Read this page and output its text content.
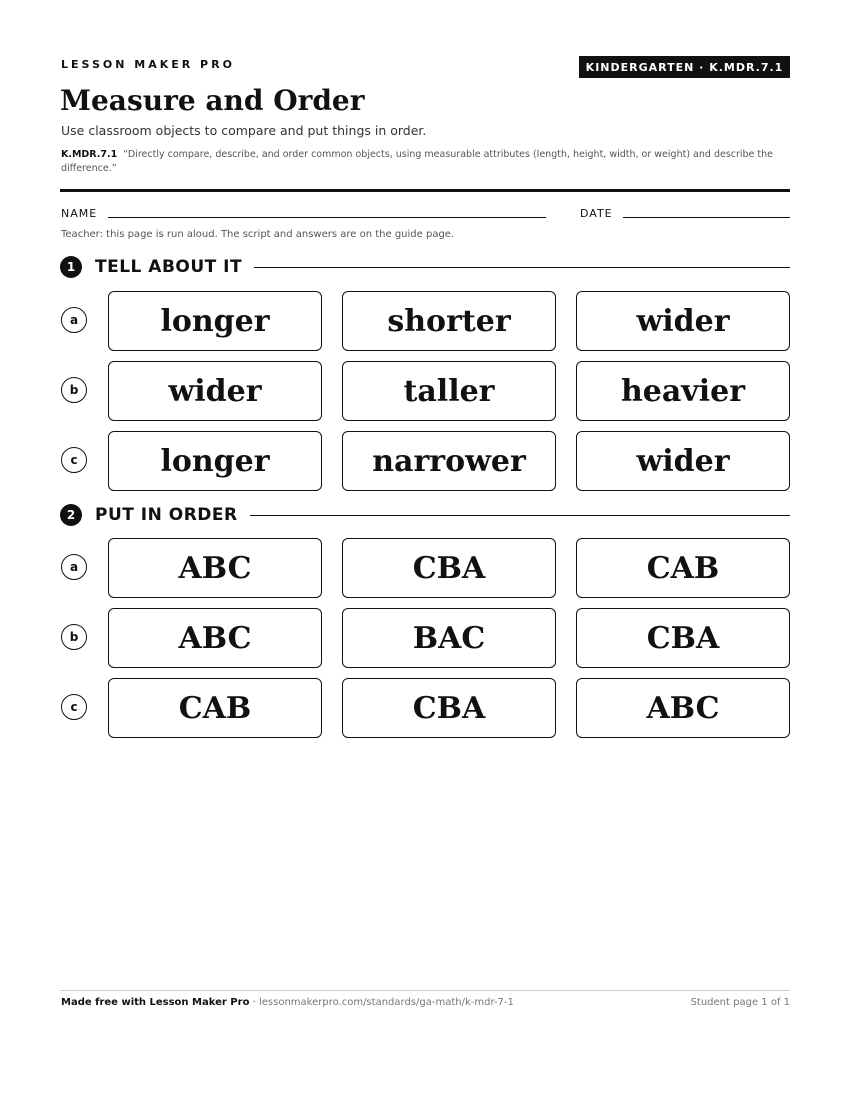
LESSON MAKER PRO	KINDERGARTEN · K.MDR.7.1
Measure and Order
Use classroom objects to compare and put things in order.
K.MDR.7.1 “Directly compare, describe, and order common objects, using measurable attributes (length, height, width, or weight) and describe the difference.”
NAME	DATE
Teacher: this page is run aloud. The script and answers are on the guide page.
1	TELL ABOUT IT
a	longer	shorter	wider
b	wider	taller	heavier
c	longer	narrower	wider
2	PUT IN ORDER
a	ABC	CBA	CAB
b	ABC	BAC	CBA
c	CAB	CBA	ABC
Made free with Lesson Maker Pro · lessonmakerpro.com/standards/ga-math/k-mdr-7-1	Student page 1 of 1
